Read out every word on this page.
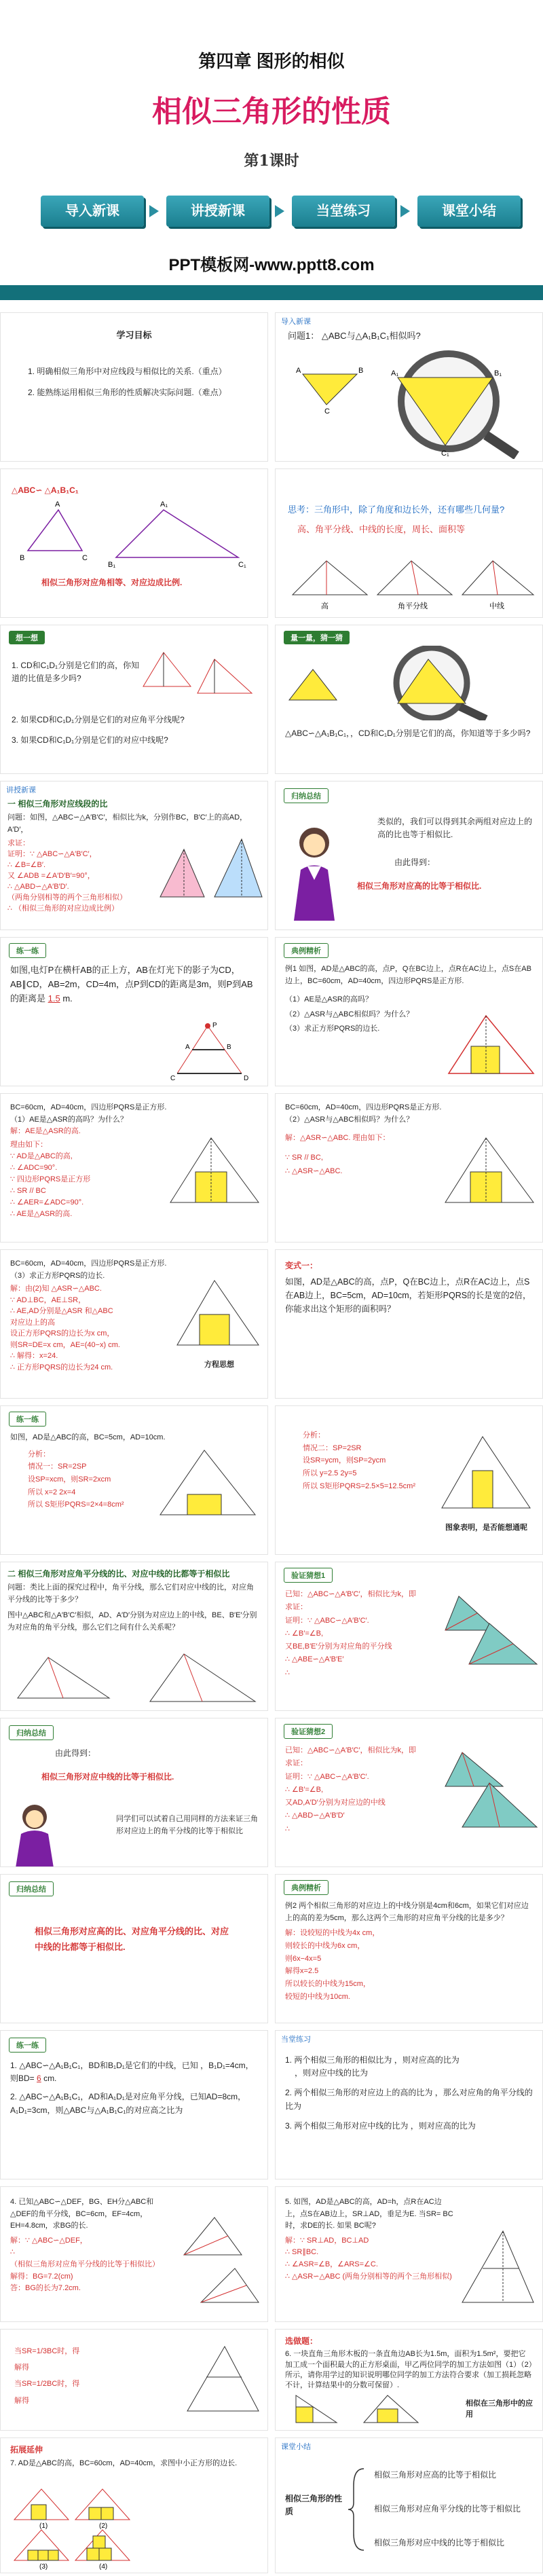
第四章 图形的相似
相似三角形的性质
第1课时
导入新课	讲授新课	当堂练习	课堂小结
PPT模板网-www.pptt8.com
学习目标
1. 明确相似三角形中对应线段与相似比的关系.（重点）
2. 能熟练运用相似三角形的性质解决实际问题.（难点）
导入新课
问题1： △ABC与△A₁B₁C₁相似吗?
A	B
C
A₁	B₁
C₁
△ABC∽ △A₁B₁C₁
A
B	C
A₁
B₁	C₁
相似三角形对应角相等、对应边成比例.
思考：三角形中，除了角度和边长外，还有哪些几何量?
高、角平分线、中线的长度，周长、面积等
高	角平分线	中线
想一想
1. CD和C₁D₁分别是它们的高，你知道的比值是多少吗?
2. 如果CD和C₁D₁分别是它们的对应角平分线呢?
3. 如果CD和C₁D₁分别是它们的对应中线呢?
量一量，猜一猜
△ABC∽△A₁B₁C₁，，CD和C₁D₁分别是它们的高，你知道等于多少吗?
讲授新课
一 相似三角形对应线段的比
问题：如图，△ABC∽△A′B′C′，相似比为k，分别作BC，B′C′上的高AD，A′D′，
求证：
证明：∵ △ABC∽△A′B′C′，
∴ ∠B=∠B′.
又 ∠ADB =∠A′D′B′=90°，
∴ △ABD∽△A′B′D′.
（两角分别相等的两个三角形相似）
∴ （相似三角形的对应边成比例）
归纳总结
类似的，我们可以得到其余两组对应边上的高的比也等于相似比.
由此得到：
相似三角形对应高的比等于相似比.
练一练
如图,电灯P在横杆AB的正上方，AB在灯光下的影子为CD，AB∥CD，AB=2m，CD=4m，点P到CD的距离是3m，则P到AB的距离是 1.5 m.
P
A	B
C	D
典例精析
例1 如图，AD是△ABC的高，点P，Q在BC边上，点R在AC边上，点S在AB边上，BC=60cm，AD=40cm，四边形PQRS是正方形.
（1）AE是△ASR的高吗？
（2）△ASR与△ABC相似吗？为什么？
（3）求正方形PQRS的边长.
BC=60cm，AD=40cm，四边形PQRS是正方形.
（1）AE是△ASR的高吗？为什么？
解：AE是△ASR的高.
理由如下：
∵ AD是△ABC的高,
∴ ∠ADC=90°.
∵ 四边形PQRS是正方形
∴ SR // BC
∴ ∠AER=∠ADC=90°.
∴ AE是△ASR的高.
BC=60cm，AD=40cm，四边形PQRS是正方形.
（2）△ASR与△ABC相似吗？为什么？
解：△ASR∽△ABC. 理由如下：
∵ SR // BC,
∴ △ASR∽△ABC.
BC=60cm，AD=40cm，四边形PQRS是正方形.
（3）求正方形PQRS的边长.
解：由(2)知 △ASR∽△ABC.
∵ AD⊥BC，AE⊥SR，
∴ AE,AD分别是△ASR 和△ABC
对应边上的高
设正方形PQRS的边长为x cm，
则SR=DE=x cm，AE=(40−x) cm.
∴ 解得：x=24.
∴ 正方形PQRS的边长为24 cm.	方程思想
变式一：
如图，AD是△ABC的高，点P，Q在BC边上，点R在AC边上，点S在AB边上，BC=5cm，AD=10cm，若矩形PQRS的长是宽的2倍，你能求出这个矩形的面积吗？
练一练
如图，AD是△ABC的高，BC=5cm，AD=10cm.
分析：
情况一：SR=2SP
设SP=xcm，则SR=2xcm
所以 x=2 2x=4
所以 S矩形PQRS=2×4=8cm²
分析：
情况二：SP=2SR
设SR=ycm，则SP=2ycm
所以 y=2.5 2y=5
所以 S矩形PQRS=2.5×5=12.5cm²
图象表明，是否能想通呢
二 相似三角形对应角平分线的比、对应中线的比都等于相似比
问题：类比上面的探究过程中，角平分线，那么它们对应中线的比，对应角平分线的比等于多少？
图中△ABC和△A′B′C′相似，AD、A′D′分别为对应边上的中线，BE、B′E′分别为对应角的角平分线，那么它们之间有什么关系呢？
验证猜想1
已知：△ABC∽△A′B′C′，相似比为k，即
求证：
证明：∵ △ABC∽△A′B′C′.
∴ ∠B′=∠B,
又BE,B′E′分别为对应角的平分线
∴ △ABE∽△A′B′E′
∴
归纳总结
由此得到：
相似三角形对应中线的比等于相似比.
同学们可以试着自己用同样的方法来证三角形对应边上的角平分线的比等于相似比
验证猜想2
已知：△ABC∽△A′B′C′，相似比为k，即
求证：
证明：∵ △ABC∽△A′B′C′.
∴ ∠B′=∠B,
又AD,A′D′分别为对应边的中线
∴ △ABD∽△A′B′D′
∴
归纳总结
相似三角形对应高的比、对应角平分线的比、对应中线的比都等于相似比.
典例精析
例2 两个相似三角形的对应边上的中线分别是4cm和6cm，如果它们对应边上的高的差为5cm，那么这两个三角形的对应角平分线的比是多少？
解：设较短的中线为4x cm，
则较长的中线为6x cm，
则6x−4x=5
解得x=2.5
所以较长的中线为15cm，
较短的中线为10cm.
练一练
1. △ABC∽△A₁B₁C₁，BD和B₁D₁是它们的中线，已知 ，B₁D₁=4cm，则BD= 6 cm.
2. △ABC∽△A₁B₁C₁，AD和A₁D₁是对应角平分线，已知AD=8cm，A₁D₁=3cm，则△ABC与△A₁B₁C₁的对应高之比为
当堂练习
1. 两个相似三角形的相似比为 ，则对应高的比为
，则对应中线的比为
2. 两个相似三角形的对应边上的高的比为 ，那么对应角的角平分线的比为
3. 两个相似三角形对应中线的比为 ，则对应高的比为
4. 已知△ABC∽△DEF，BG、EH分△ABC和△DEF的角平分线，BC=6cm，EF=4cm，EH=4.8cm，求BG的长.
解：∵ △ABC∽△DEF，
∴
（相似三角形对应角平分线的比等于相似比）
解得：BG=7.2(cm)
答：BG的长为7.2cm.
5. 如图，AD是△ABC的高，AD=h，点R在AC边上，点S在AB边上，SR⊥AD，垂足为E. 当SR= BC时，求DE的长. 如果 BC呢?
解：∵ SR⊥AD，BC⊥AD
∴ SR∥BC.
∴ ∠ASR=∠B，∠ARS=∠C.
∴ △ASR∽△ABC (两角分别相等的两个三角形相似)
当SR=1/3BC时，得
解得
当SR=1/2BC时，得
解得
选做题：
6. 一块直角三角形木板的一条直角边AB长为1.5m，面积为1.5m²，要把它加工成一个面积最大的正方形桌面，甲乙两位同学的加工方法如图（1）（2）所示，请你用学过的知识说明哪位同学的加工方法符合要求（加工损耗忽略不计，计算结果中的分数可保留）.
相似在三角形中的应用
拓展延伸
7. AD是△ABC的高，BC=60cm，AD=40cm，求图中小正方形的边长.
(1)	(2)
(3)	(4)
课堂小结
相似三角形的性质
相似三角形对应高的比等于相似比
相似三角形对应角平分线的比等于相似比
相似三角形对应中线的比等于相似比
